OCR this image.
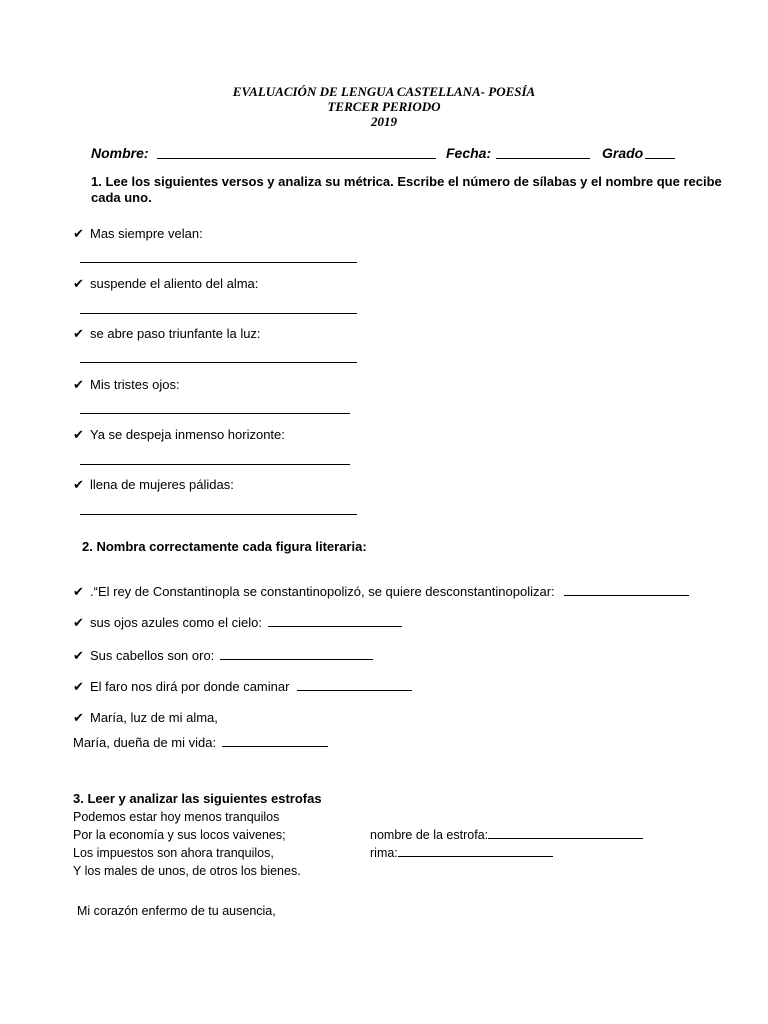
EVALUACIÓN DE LENGUA CASTELLANA- POESÍA
TERCER PERIODO
2019
Nombre:	Fecha:	Grado
1. Lee los siguientes versos y analiza su métrica. Escribe el número de sílabas y el nombre que recibe
cada uno.
✔ Mas siempre velan:
✔ suspende el aliento del alma:
✔ se abre paso triunfante la luz:
✔ Mis tristes ojos:
✔ Ya se despeja inmenso horizonte:
✔ llena de mujeres pálidas:
2. Nombra correctamente cada figura literaria:
✔ .“El rey de Constantinopla se constantinopolizó, se quiere desconstantinopolizar:
✔ sus ojos azules como el cielo:
✔ Sus cabellos son oro:
✔ El faro nos dirá por donde caminar
✔ María, luz de mi alma,
María, dueña de mi vida:
3. Leer y analizar las siguientes estrofas
Podemos estar hoy menos tranquilos
Por la economía y sus locos vaivenes;
Los impuestos son ahora tranquilos,
Y los males de unos, de otros los bienes.
nombre de la estrofa:
rima:
Mi corazón enfermo de tu ausencia,
